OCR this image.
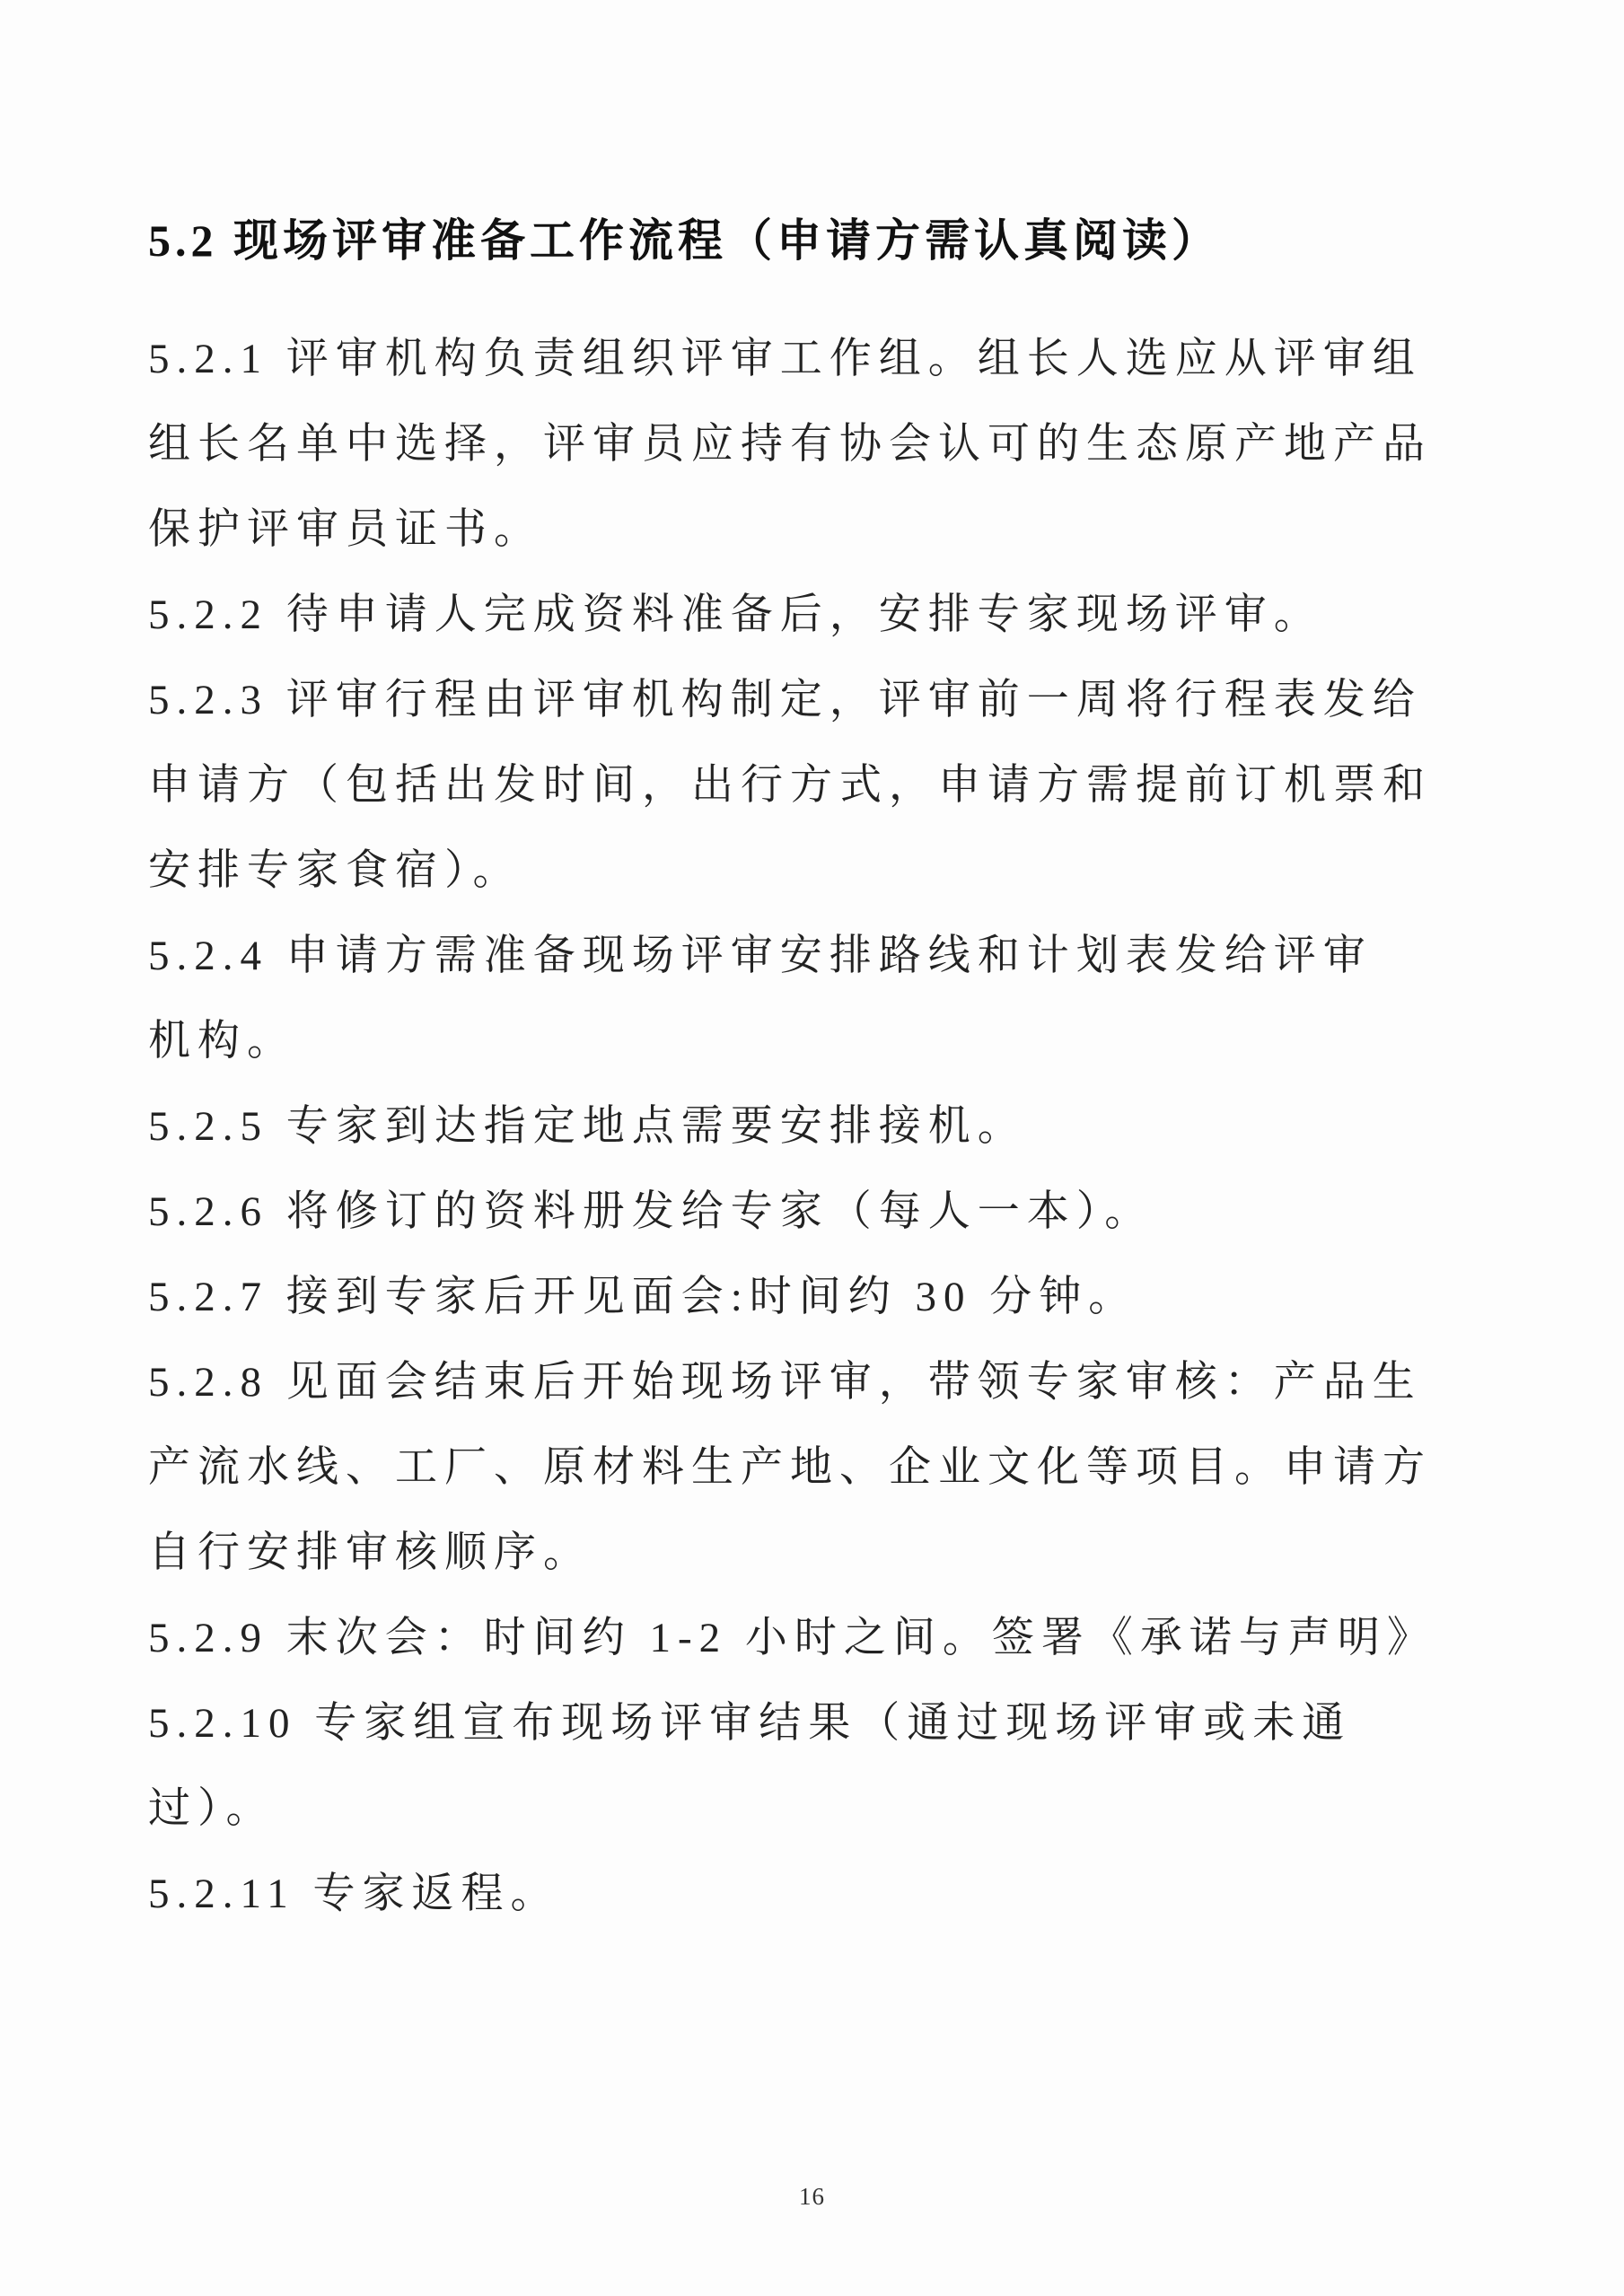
5.2 现场评审准备工作流程（申请方需认真阅读）
5.2.1 评审机构负责组织评审工作组。组长人选应从评审组
组长名单中选择，评审员应持有协会认可的生态原产地产品
保护评审员证书。
5.2.2 待申请人完成资料准备后，安排专家现场评审。
5.2.3 评审行程由评审机构制定，评审前一周将行程表发给
申请方（包括出发时间，出行方式，申请方需提前订机票和
安排专家食宿）。
5.2.4 申请方需准备现场评审安排路线和计划表发给评审
机构。
5.2.5 专家到达指定地点需要安排接机。
5.2.6 将修订的资料册发给专家（每人一本）。
5.2.7 接到专家后开见面会:时间约 30 分钟。
5.2.8 见面会结束后开始现场评审，带领专家审核：产品生
产流水线、工厂、原材料生产地、企业文化等项目。申请方
自行安排审核顺序。
5.2.9 末次会：时间约 1-2 小时之间。签署《承诺与声明》
5.2.10 专家组宣布现场评审结果（通过现场评审或未通
过）。
5.2.11 专家返程。
16
